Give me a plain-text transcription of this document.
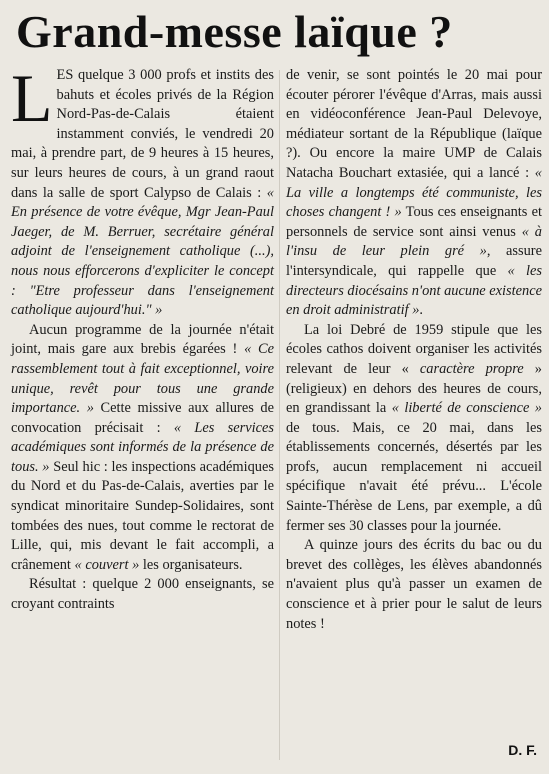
Grand-messe laïque ?

LES quelque 3 000 profs et instits des bahuts et écoles privés de la Région Nord-Pas-de-Calais étaient instamment conviés, le vendredi 20 mai, à prendre part, de 9 heures à 15 heures, sur leurs heures de cours, à un grand raout dans la salle de sport Calypso de Calais : « En présence de votre évêque, Mgr Jean-Paul Jaeger, de M. Berruer, secrétaire général adjoint de l'enseignement catholique (...), nous nous efforcerons d'expliciter le concept : "Etre professeur dans l'enseignement catholique aujourd'hui." »

Aucun programme de la journée n'était joint, mais gare aux brebis égarées ! « Ce rassemblement tout à fait exceptionnel, voire unique, revêt pour tous une grande importance. » Cette missive aux allures de convocation précisait : « Les services académiques sont informés de la présence de tous. » Seul hic : les inspections académiques du Nord et du Pas-de-Calais, averties par le syndicat minoritaire Sundep-Solidaires, sont tombées des nues, tout comme le rectorat de Lille, qui, mis devant le fait accompli, a crânement « couvert » les organisateurs.

Résultat : quelque 2 000 enseignants, se croyant contraints

de venir, se sont pointés le 20 mai pour écouter pérorer l'évêque d'Arras, mais aussi en vidéoconférence Jean-Paul Delevoye, médiateur sortant de la République (laïque ?). Ou encore la maire UMP de Calais Natacha Bouchart extasiée, qui a lancé : « La ville a longtemps été communiste, les choses changent ! » Tous ces enseignants et personnels de service sont ainsi venus « à l'insu de leur plein gré », assure l'intersyndicale, qui rappelle que « les directeurs diocésains n'ont aucune existence en droit administratif ».

La loi Debré de 1959 stipule que les écoles cathos doivent organiser les activités relevant de leur « caractère propre » (religieux) en dehors des heures de cours, en grandissant la « liberté de conscience » de tous. Mais, ce 20 mai, dans les établissements concernés, désertés par les profs, aucun remplacement ni accueil spécifique n'avait été prévu... L'école Sainte-Thérèse de Lens, par exemple, a dû fermer ses 30 classes pour la journée.

A quinze jours des écrits du bac ou du brevet des collèges, les élèves abandonnés n'avaient plus qu'à passer un examen de conscience et à prier pour le salut de leurs notes !

D. F.
